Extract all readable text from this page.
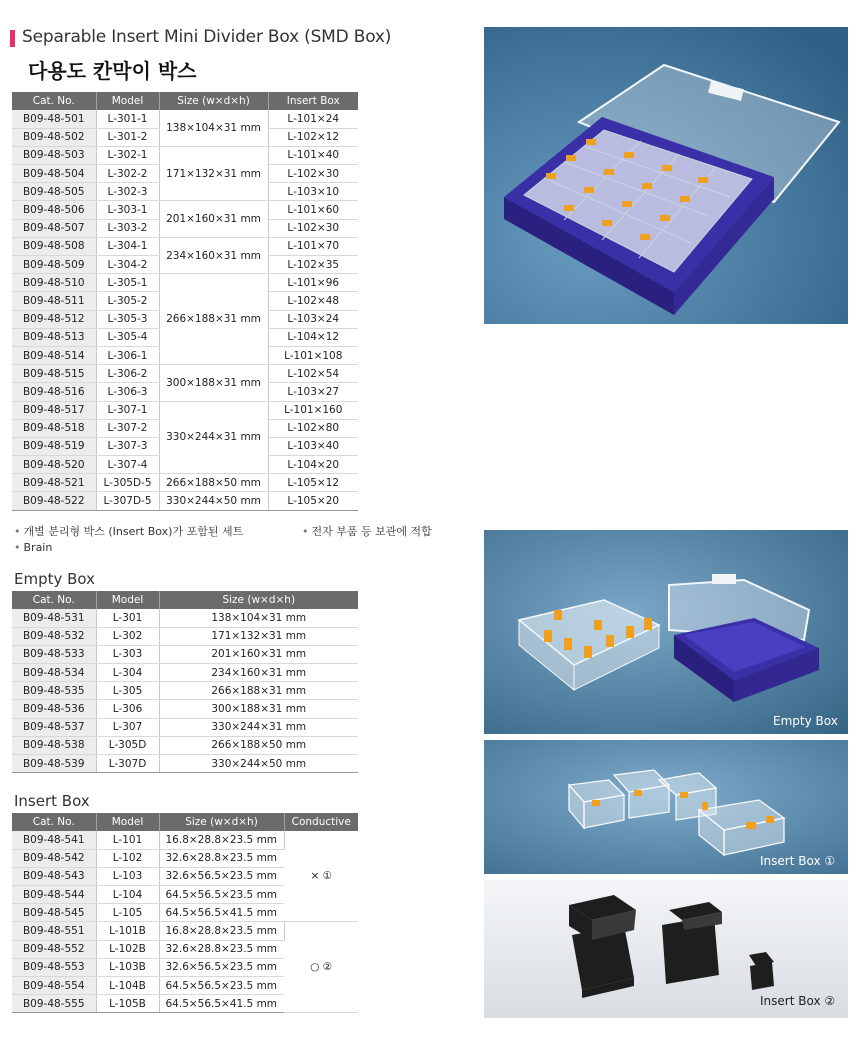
Separable Insert Mini Divider Box (SMD Box)
다용도 칸막이 박스
Cat. No.	Model	Size (w×d×h)	Insert Box
B09-48-501	L-301-1	138×104×31 mm	L-101×24
B09-48-502	L-301-2		L-102×12
B09-48-503	L-302-1	171×132×31 mm	L-101×40
B09-48-504	L-302-2		L-102×30
B09-48-505	L-302-3		L-103×10
B09-48-506	L-303-1	201×160×31 mm	L-101×60
B09-48-507	L-303-2		L-102×30
B09-48-508	L-304-1	234×160×31 mm	L-101×70
B09-48-509	L-304-2		L-102×35
B09-48-510	L-305-1	266×188×31 mm	L-101×96
B09-48-511	L-305-2		L-102×48
B09-48-512	L-305-3		L-103×24
B09-48-513	L-305-4		L-104×12
B09-48-514	L-306-1		L-101×108
B09-48-515	L-306-2	300×188×31 mm	L-102×54
B09-48-516	L-306-3		L-103×27
B09-48-517	L-307-1	330×244×31 mm	L-101×160
B09-48-518	L-307-2		L-102×80
B09-48-519	L-307-3		L-103×40
B09-48-520	L-307-4		L-104×20
B09-48-521	L-305D-5	266×188×50 mm	L-105×12
B09-48-522	L-307D-5	330×244×50 mm	L-105×20
• 개별 분리형 박스 (Insert Box)가 포함된 세트	• 전자 부품 등 보관에 적합
• Brain
Empty Box
Cat. No.	Model	Size (w×d×h)
B09-48-531	L-301	138×104×31 mm
B09-48-532	L-302	171×132×31 mm
B09-48-533	L-303	201×160×31 mm
B09-48-534	L-304	234×160×31 mm
B09-48-535	L-305	266×188×31 mm
B09-48-536	L-306	300×188×31 mm
B09-48-537	L-307	330×244×31 mm
B09-48-538	L-305D	266×188×50 mm
B09-48-539	L-307D	330×244×50 mm
Insert Box
Cat. No.	Model	Size (w×d×h)	Conductive
B09-48-541	L-101	16.8×28.8×23.5 mm	× ①
B09-48-542	L-102	32.6×28.8×23.5 mm	
B09-48-543	L-103	32.6×56.5×23.5 mm	
B09-48-544	L-104	64.5×56.5×23.5 mm	
B09-48-545	L-105	64.5×56.5×41.5 mm	
B09-48-551	L-101B	16.8×28.8×23.5 mm	○ ②
B09-48-552	L-102B	32.6×28.8×23.5 mm	
B09-48-553	L-103B	32.6×56.5×23.5 mm	
B09-48-554	L-104B	64.5×56.5×23.5 mm	
B09-48-555	L-105B	64.5×56.5×41.5 mm	
Empty Box
Insert Box ①
Insert Box ②
